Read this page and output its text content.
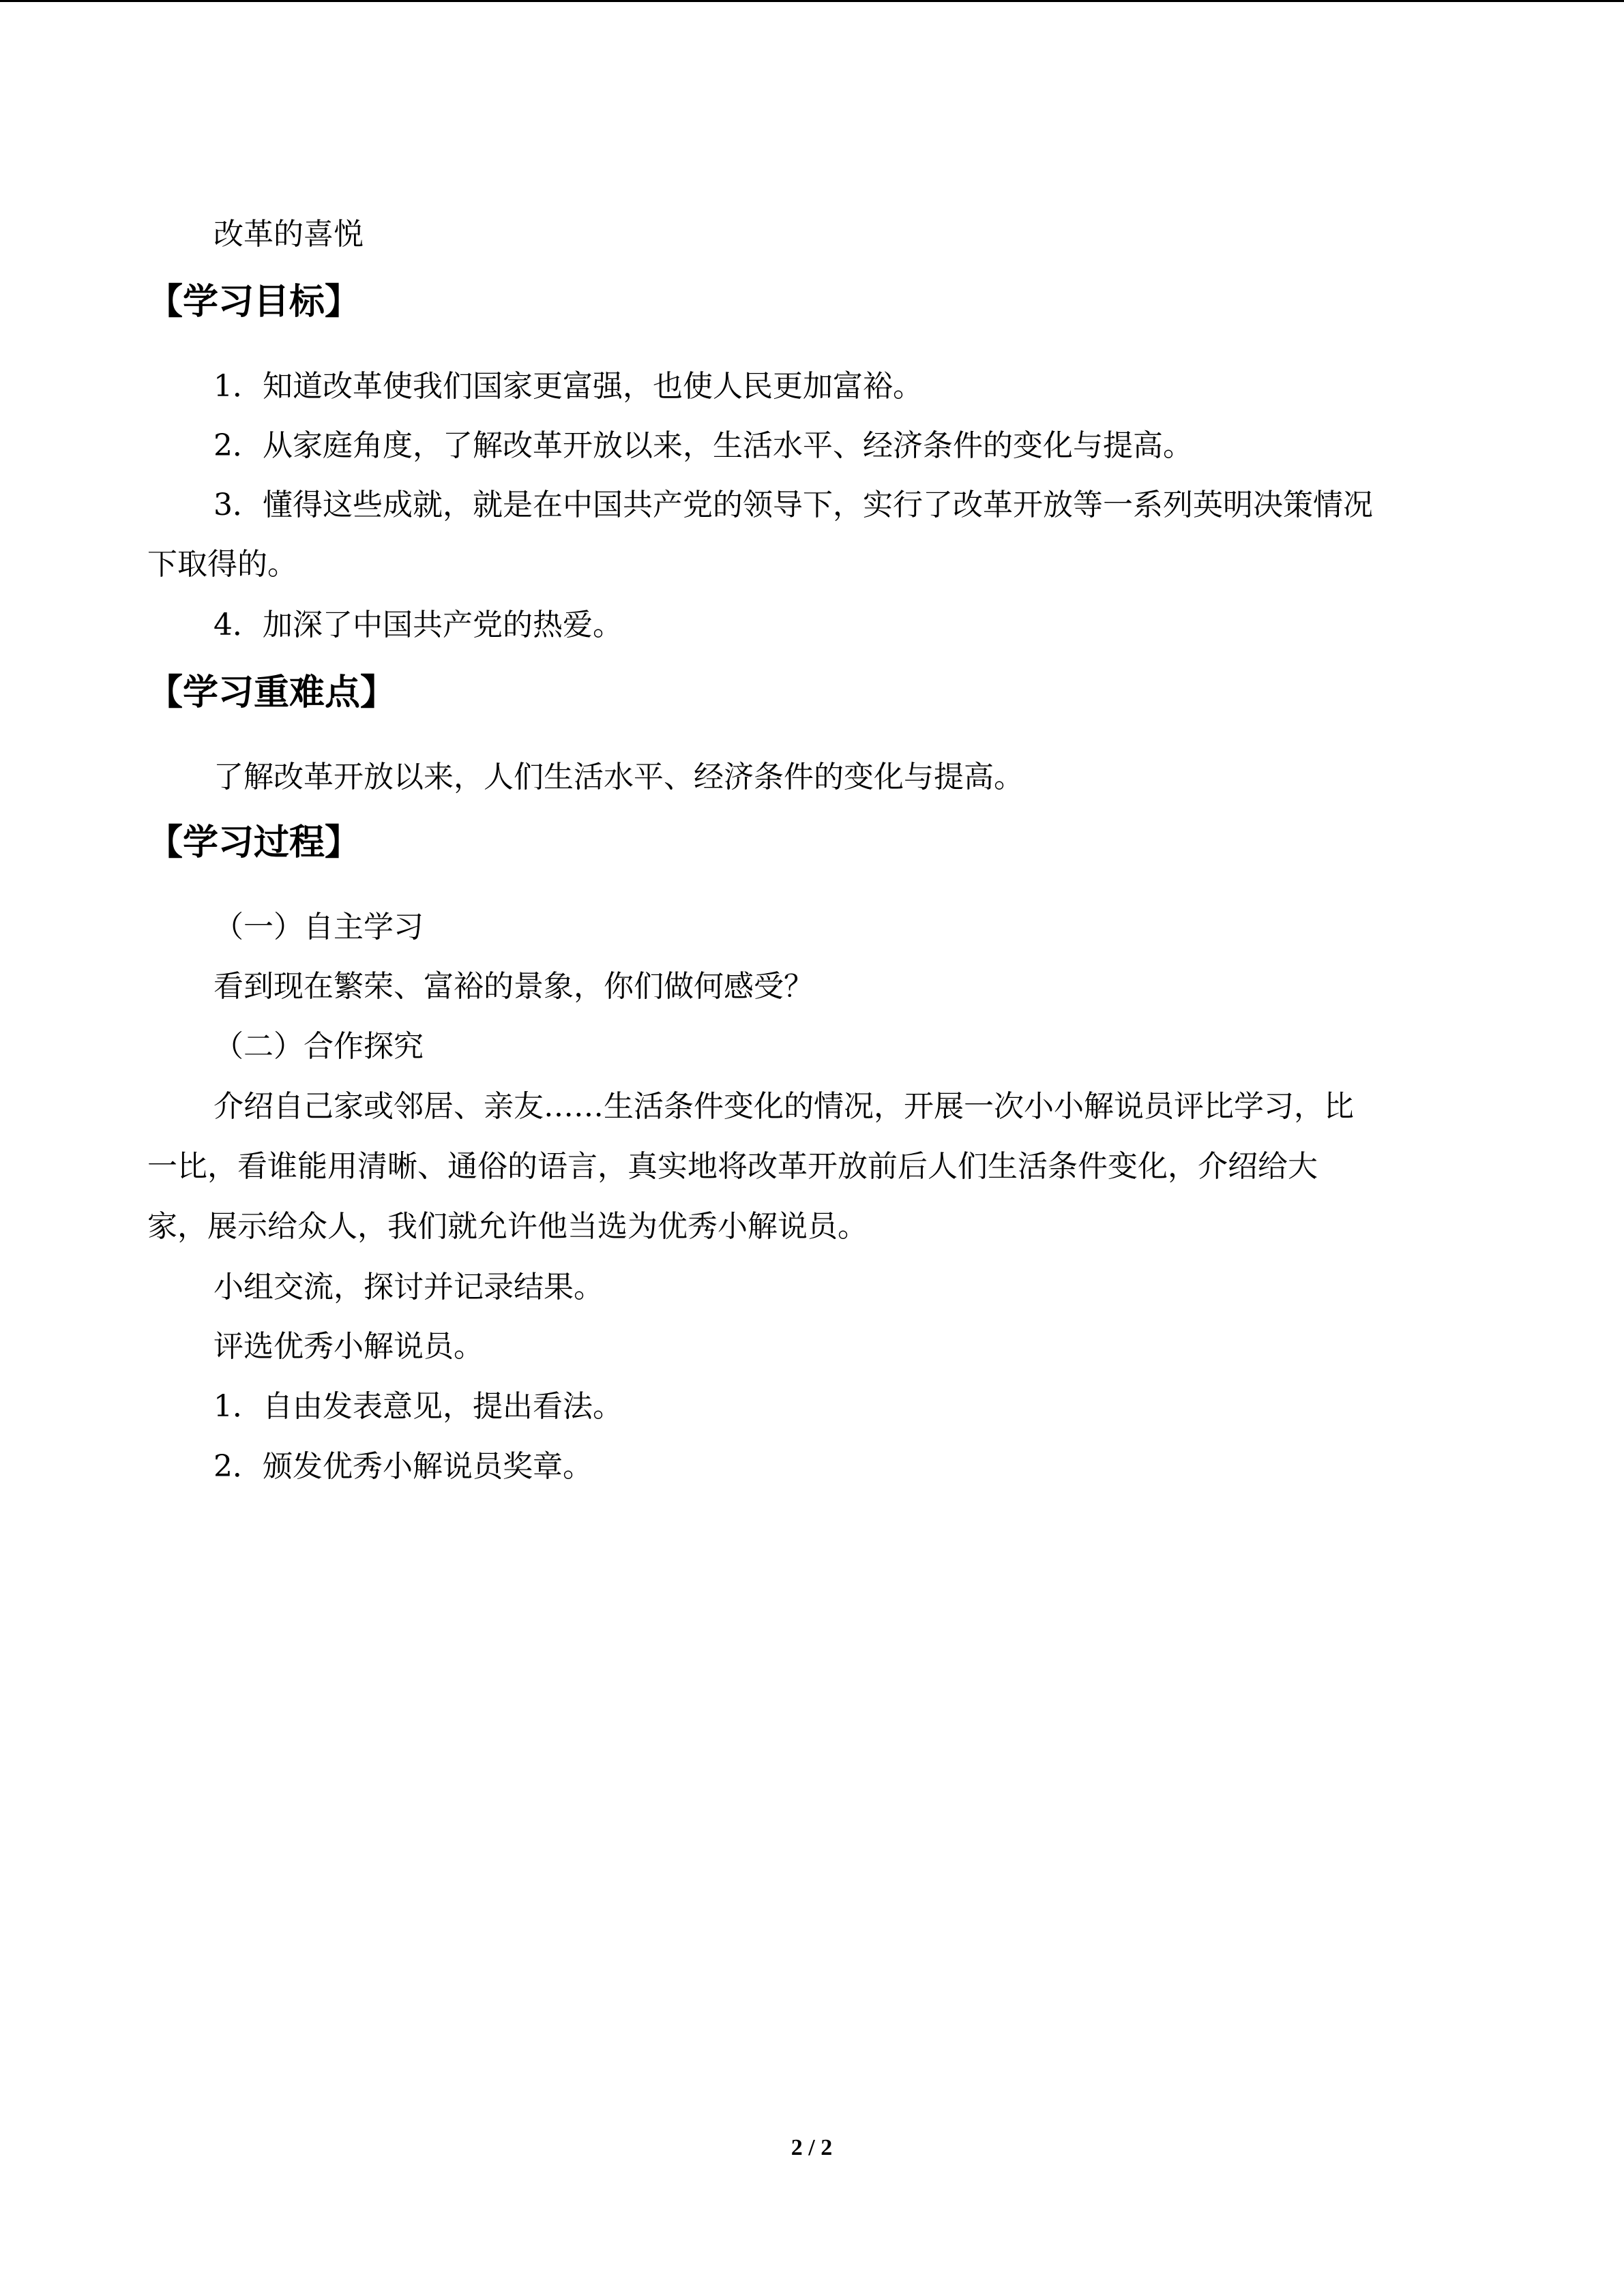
改革的喜悦
【学习目标】
1．知道改革使我们国家更富强，也使人民更加富裕。
2．从家庭角度，了解改革开放以来，生活水平、经济条件的变化与提高。
3．懂得这些成就，就是在中国共产党的领导下，实行了改革开放等一系列英明决策情况
下取得的。
4．加深了中国共产党的热爱。
【学习重难点】
了解改革开放以来，人们生活水平、经济条件的变化与提高。
【学习过程】
（一）自主学习
看到现在繁荣、富裕的景象，你们做何感受？
（二）合作探究
介绍自己家或邻居、亲友……生活条件变化的情况，开展一次小小解说员评比学习，比
一比，看谁能用清晰、通俗的语言，真实地将改革开放前后人们生活条件变化，介绍给大
家，展示给众人，我们就允许他当选为优秀小解说员。
小组交流，探讨并记录结果。
评选优秀小解说员。
1．自由发表意见，提出看法。
2．颁发优秀小解说员奖章。
2 / 2
